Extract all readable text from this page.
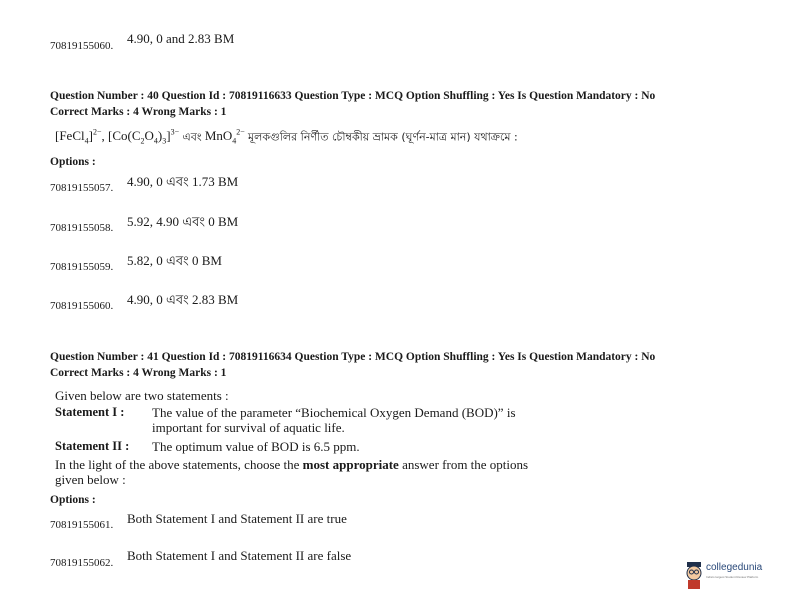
70819155060. 4.90, 0 and 2.83 BM
Question Number : 40 Question Id : 70819116633 Question Type : MCQ Option Shuffling : Yes Is Question Mandatory : No
Correct Marks : 4 Wrong Marks : 1
[FeCl$_4$]$^{2-}$, $[Co(C_2O_4)_3]^{3-}$ এবং MnO$_4^{2-}$ মূলকগুলির নির্ণীত চৌম্বকীয় ভ্রামক (ঘূর্ণন-মাত্র মান) যথাক্রমে :
Options :
70819155057. 4.90, 0 এবং 1.73 BM
70819155058. 5.92, 4.90 এবং 0 BM
70819155059. 5.82, 0 এবং 0 BM
70819155060. 4.90, 0 এবং 2.83 BM
Question Number : 41 Question Id : 70819116634 Question Type : MCQ Option Shuffling : Yes Is Question Mandatory : No
Correct Marks : 4 Wrong Marks : 1
Given below are two statements :
Statement I : The value of the parameter “Biochemical Oxygen Demand (BOD)” is
important for survival of aquatic life.
Statement II : The optimum value of BOD is 6.5 ppm.
In the light of the above statements, choose the most appropriate answer from the options
given below :
Options :
70819155061. Both Statement I and Statement II are true
70819155062. Both Statement I and Statement II are false
collegedunia
India's largest Student Review Platform
